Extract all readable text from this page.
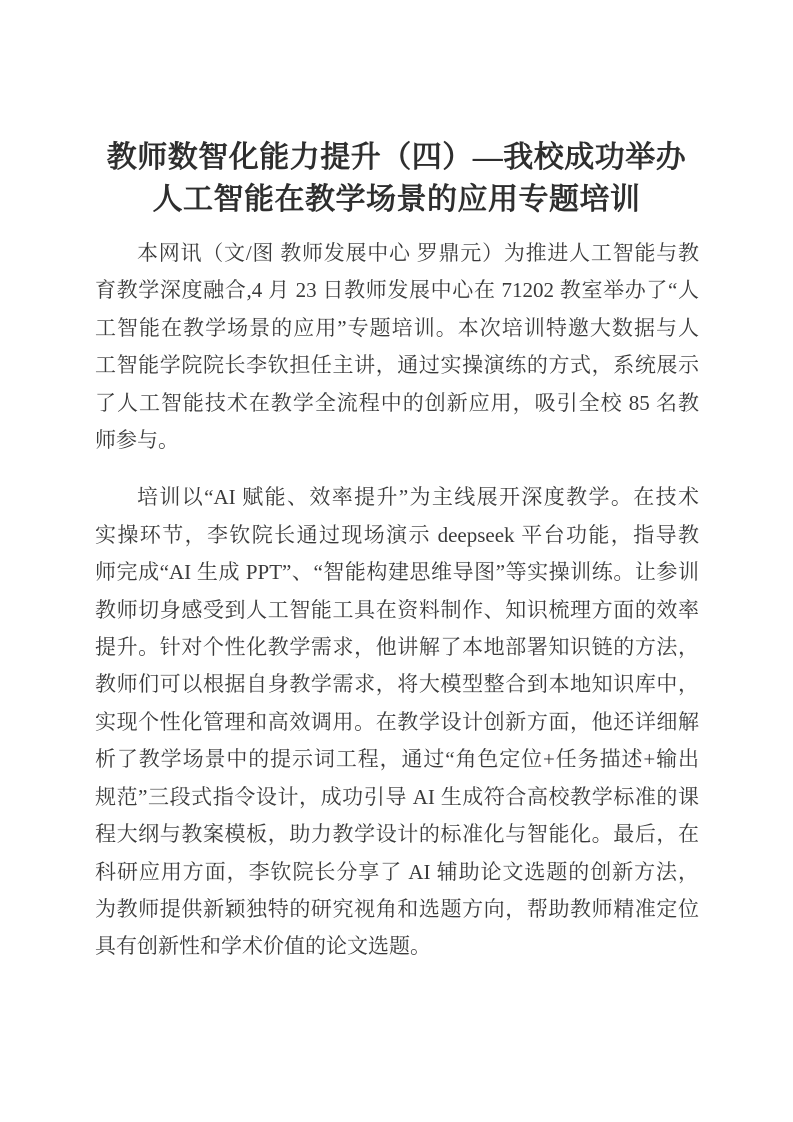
教师数智化能力提升（四）—我校成功举办
人工智能在教学场景的应用专题培训
本网讯（文/图 教师发展中心 罗鼎元）为推进人工智能与教
育教学深度融合,4 月 23 日教师发展中心在 71202 教室举办了“人
工智能在教学场景的应用”专题培训。本次培训特邀大数据与人
工智能学院院长李钦担任主讲，通过实操演练的方式，系统展示
了人工智能技术在教学全流程中的创新应用，吸引全校 85 名教
师参与。
培训以“AI 赋能、效率提升”为主线展开深度教学。在技术
实操环节，李钦院长通过现场演示 deepseek 平台功能，指导教
师完成“AI 生成 PPT”、“智能构建思维导图”等实操训练。让参训
教师切身感受到人工智能工具在资料制作、知识梳理方面的效率
提升。针对个性化教学需求，他讲解了本地部署知识链的方法，
教师们可以根据自身教学需求，将大模型整合到本地知识库中，
实现个性化管理和高效调用。在教学设计创新方面，他还详细解
析了教学场景中的提示词工程，通过“角色定位+任务描述+输出
规范”三段式指令设计，成功引导 AI 生成符合高校教学标准的课
程大纲与教案模板，助力教学设计的标准化与智能化。最后，在
科研应用方面，李钦院长分享了 AI 辅助论文选题的创新方法，
为教师提供新颖独特的研究视角和选题方向，帮助教师精准定位
具有创新性和学术价值的论文选题。
